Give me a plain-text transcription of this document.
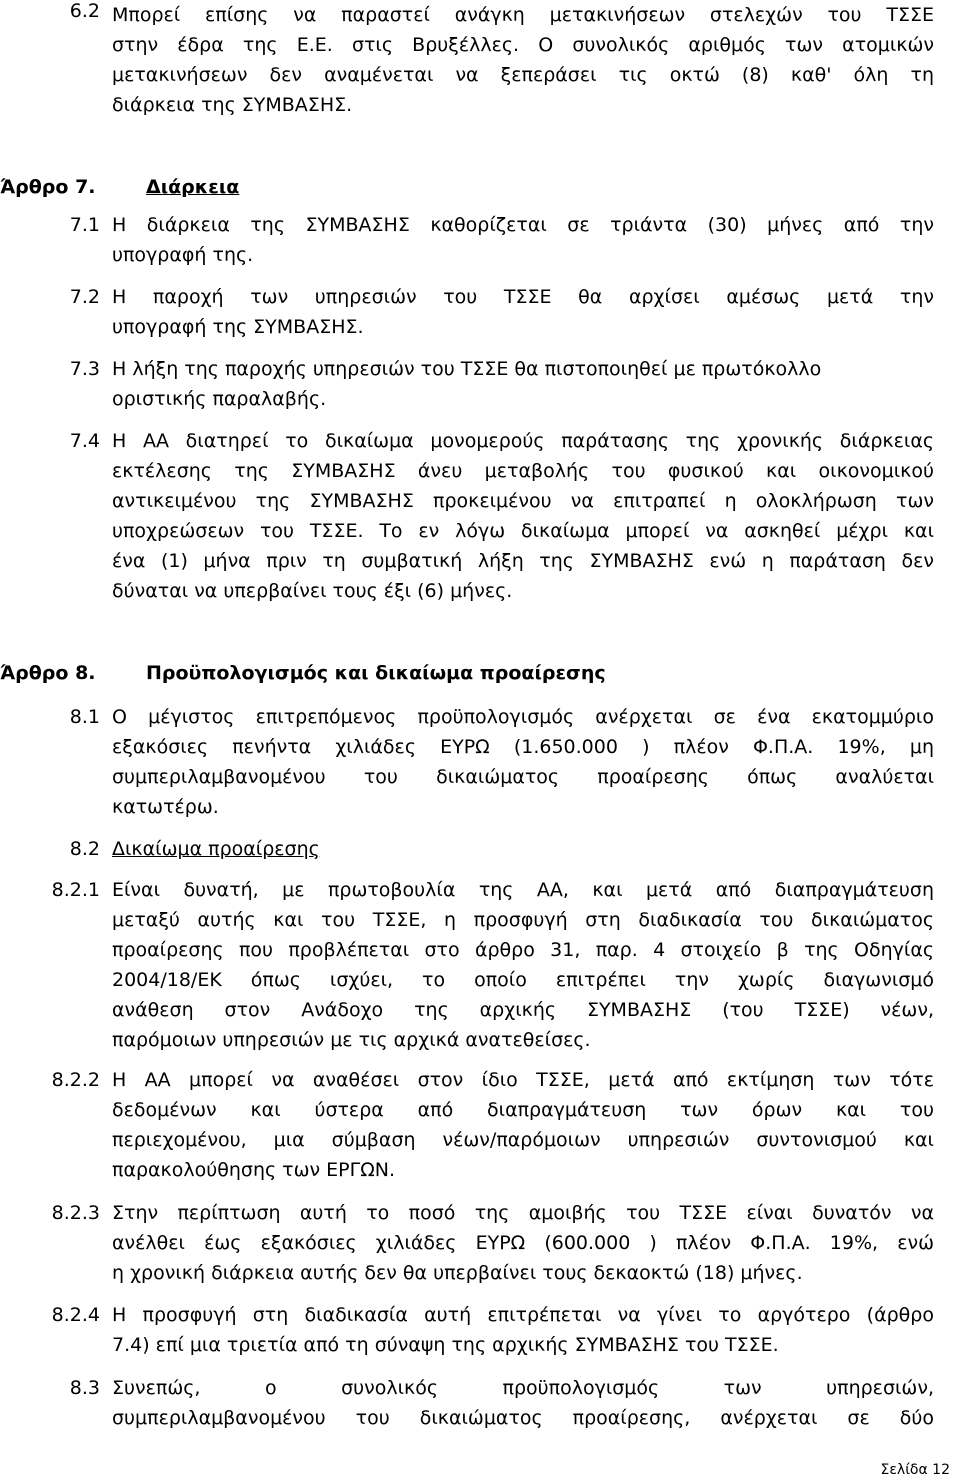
6.2 Μπορεί επίσης να παραστεί ανάγκη μετακινήσεων στελεχών του ΤΣΣΕ
στην έδρα της Ε.Ε. στις Βρυξέλλες. Ο συνολικός αριθμός των ατομικών
μετακινήσεων δεν αναμένεται να ξεπεράσει τις οκτώ (8) καθ' όλη τη
διάρκεια της ΣΥΜΒΑΣΗΣ.
Άρθρο 7.	Διάρκεια
7.1 Η διάρκεια της ΣΥΜΒΑΣΗΣ καθορίζεται σε τριάντα (30) μήνες από την
υπογραφή της.
7.2 Η παροχή των υπηρεσιών του ΤΣΣΕ θα αρχίσει αμέσως μετά την
υπογραφή της ΣΥΜΒΑΣΗΣ.
7.3 Η λήξη της παροχής υπηρεσιών του ΤΣΣΕ θα πιστοποιηθεί με πρωτόκολλο
οριστικής παραλαβής.
7.4 Η ΑΑ διατηρεί το δικαίωμα μονομερούς παράτασης της χρονικής διάρκειας
εκτέλεσης της ΣΥΜΒΑΣΗΣ άνευ μεταβολής του φυσικού και οικονομικού
αντικειμένου της ΣΥΜΒΑΣΗΣ προκειμένου να επιτραπεί η ολοκλήρωση των
υποχρεώσεων του ΤΣΣΕ. Το εν λόγω δικαίωμα μπορεί να ασκηθεί μέχρι και
ένα (1) μήνα πριν τη συμβατική λήξη της ΣΥΜΒΑΣΗΣ ενώ η παράταση δεν
δύναται να υπερβαίνει τους έξι (6) μήνες.
Άρθρο 8.	Προϋπολογισμός και δικαίωμα προαίρεσης
8.1 Ο μέγιστος επιτρεπόμενος προϋπολογισμός ανέρχεται σε ένα εκατομμύριο
εξακόσιες πενήντα χιλιάδες ΕΥΡΩ (1.650.000 ) πλέον Φ.Π.Α. 19%, μη
συμπεριλαμβανομένου του δικαιώματος προαίρεσης όπως αναλύεται
κατωτέρω.
8.2 Δικαίωμα προαίρεσης
8.2.1 Είναι δυνατή, με πρωτοβουλία της ΑΑ, και μετά από διαπραγμάτευση
μεταξύ αυτής και του ΤΣΣΕ, η προσφυγή στη διαδικασία του δικαιώματος
προαίρεσης που προβλέπεται στο άρθρο 31, παρ. 4 στοιχείο β της Οδηγίας
2004/18/ΕΚ όπως ισχύει, το οποίο επιτρέπει την χωρίς διαγωνισμό
ανάθεση στον Ανάδοχο της αρχικής ΣΥΜΒΑΣΗΣ (του ΤΣΣΕ) νέων,
παρόμοιων υπηρεσιών με τις αρχικά ανατεθείσες.
8.2.2 Η ΑΑ μπορεί να αναθέσει στον ίδιο ΤΣΣΕ, μετά από εκτίμηση των τότε
δεδομένων και ύστερα από διαπραγμάτευση των όρων και του
περιεχομένου, μια σύμβαση νέων/παρόμοιων υπηρεσιών συντονισμού και
παρακολούθησης των ΕΡΓΩΝ.
8.2.3 Στην περίπτωση αυτή το ποσό της αμοιβής του ΤΣΣΕ είναι δυνατόν να
ανέλθει έως εξακόσιες χιλιάδες ΕΥΡΩ (600.000 ) πλέον Φ.Π.Α. 19%, ενώ
η χρονική διάρκεια αυτής δεν θα υπερβαίνει τους δεκαοκτώ (18) μήνες.
8.2.4 Η προσφυγή στη διαδικασία αυτή επιτρέπεται να γίνει το αργότερο (άρθρο
7.4) επί μια τριετία από τη σύναψη της αρχικής ΣΥΜΒΑΣΗΣ του ΤΣΣΕ.
8.3 Συνεπώς, ο συνολικός προϋπολογισμός των υπηρεσιών,
συμπεριλαμβανομένου του δικαιώματος προαίρεσης, ανέρχεται σε δύο
Σελίδα 12
